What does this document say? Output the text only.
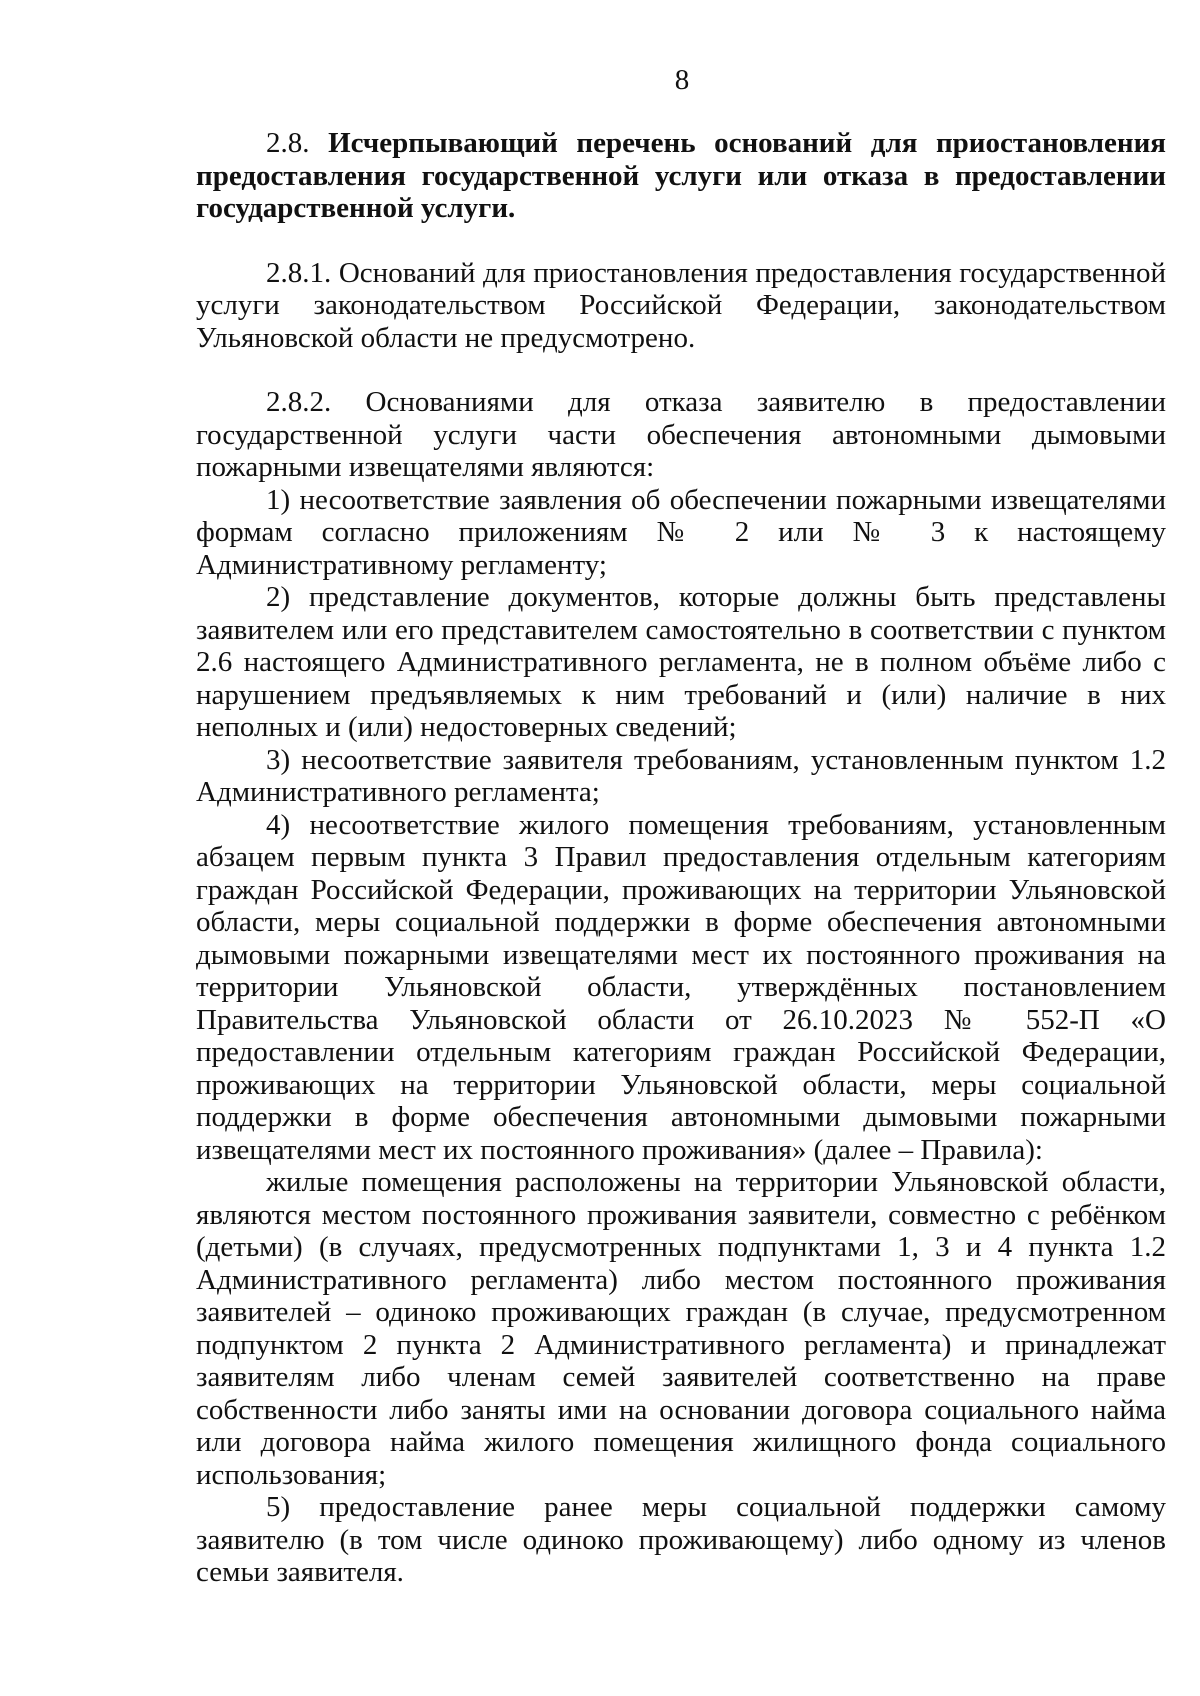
8

2.8. Исчерпывающий перечень оснований для приостановления предоставления государственной услуги или отказа в предоставлении государственной услуги.

2.8.1. Оснований для приостановления предоставления государственной услуги законодательством Российской Федерации, законодательством Ульяновской области не предусмотрено.

2.8.2. Основаниями для отказа заявителю в предоставлении государственной услуги части обеспечения автономными дымовыми пожарными извещателями являются:

1) несоответствие заявления об обеспечении пожарными извещателями формам согласно приложениям № 2 или № 3 к настоящему Административному регламенту;

2) представление документов, которые должны быть представлены заявителем или его представителем самостоятельно в соответствии с пунктом 2.6 настоящего Административного регламента, не в полном объёме либо с нарушением предъявляемых к ним требований и (или) наличие в них неполных и (или) недостоверных сведений;

3) несоответствие заявителя требованиям, установленным пунктом 1.2 Административного регламента;

4) несоответствие жилого помещения требованиям, установленным абзацем первым пункта 3 Правил предоставления отдельным категориям граждан Российской Федерации, проживающих на территории Ульяновской области, меры социальной поддержки в форме обеспечения автономными дымовыми пожарными извещателями мест их постоянного проживания на территории Ульяновской области, утверждённых постановлением Правительства Ульяновской области от 26.10.2023 № 552-П «О предоставлении отдельным категориям граждан Российской Федерации, проживающих на территории Ульяновской области, меры социальной поддержки в форме обеспечения автономными дымовыми пожарными извещателями мест их постоянного проживания» (далее – Правила):

жилые помещения расположены на территории Ульяновской области, являются местом постоянного проживания заявители, совместно с ребёнком (детьми) (в случаях, предусмотренных подпунктами 1, 3 и 4 пункта 1.2 Административного регламента) либо местом постоянного проживания заявителей – одиноко проживающих граждан (в случае, предусмотренном подпунктом 2 пункта 2 Административного регламента) и принадлежат заявителям либо членам семей заявителей соответственно на праве собственности либо заняты ими на основании договора социального найма или договора найма жилого помещения жилищного фонда социального использования;

5) предоставление ранее меры социальной поддержки самому заявителю (в том числе одиноко проживающему) либо одному из членов семьи заявителя.
